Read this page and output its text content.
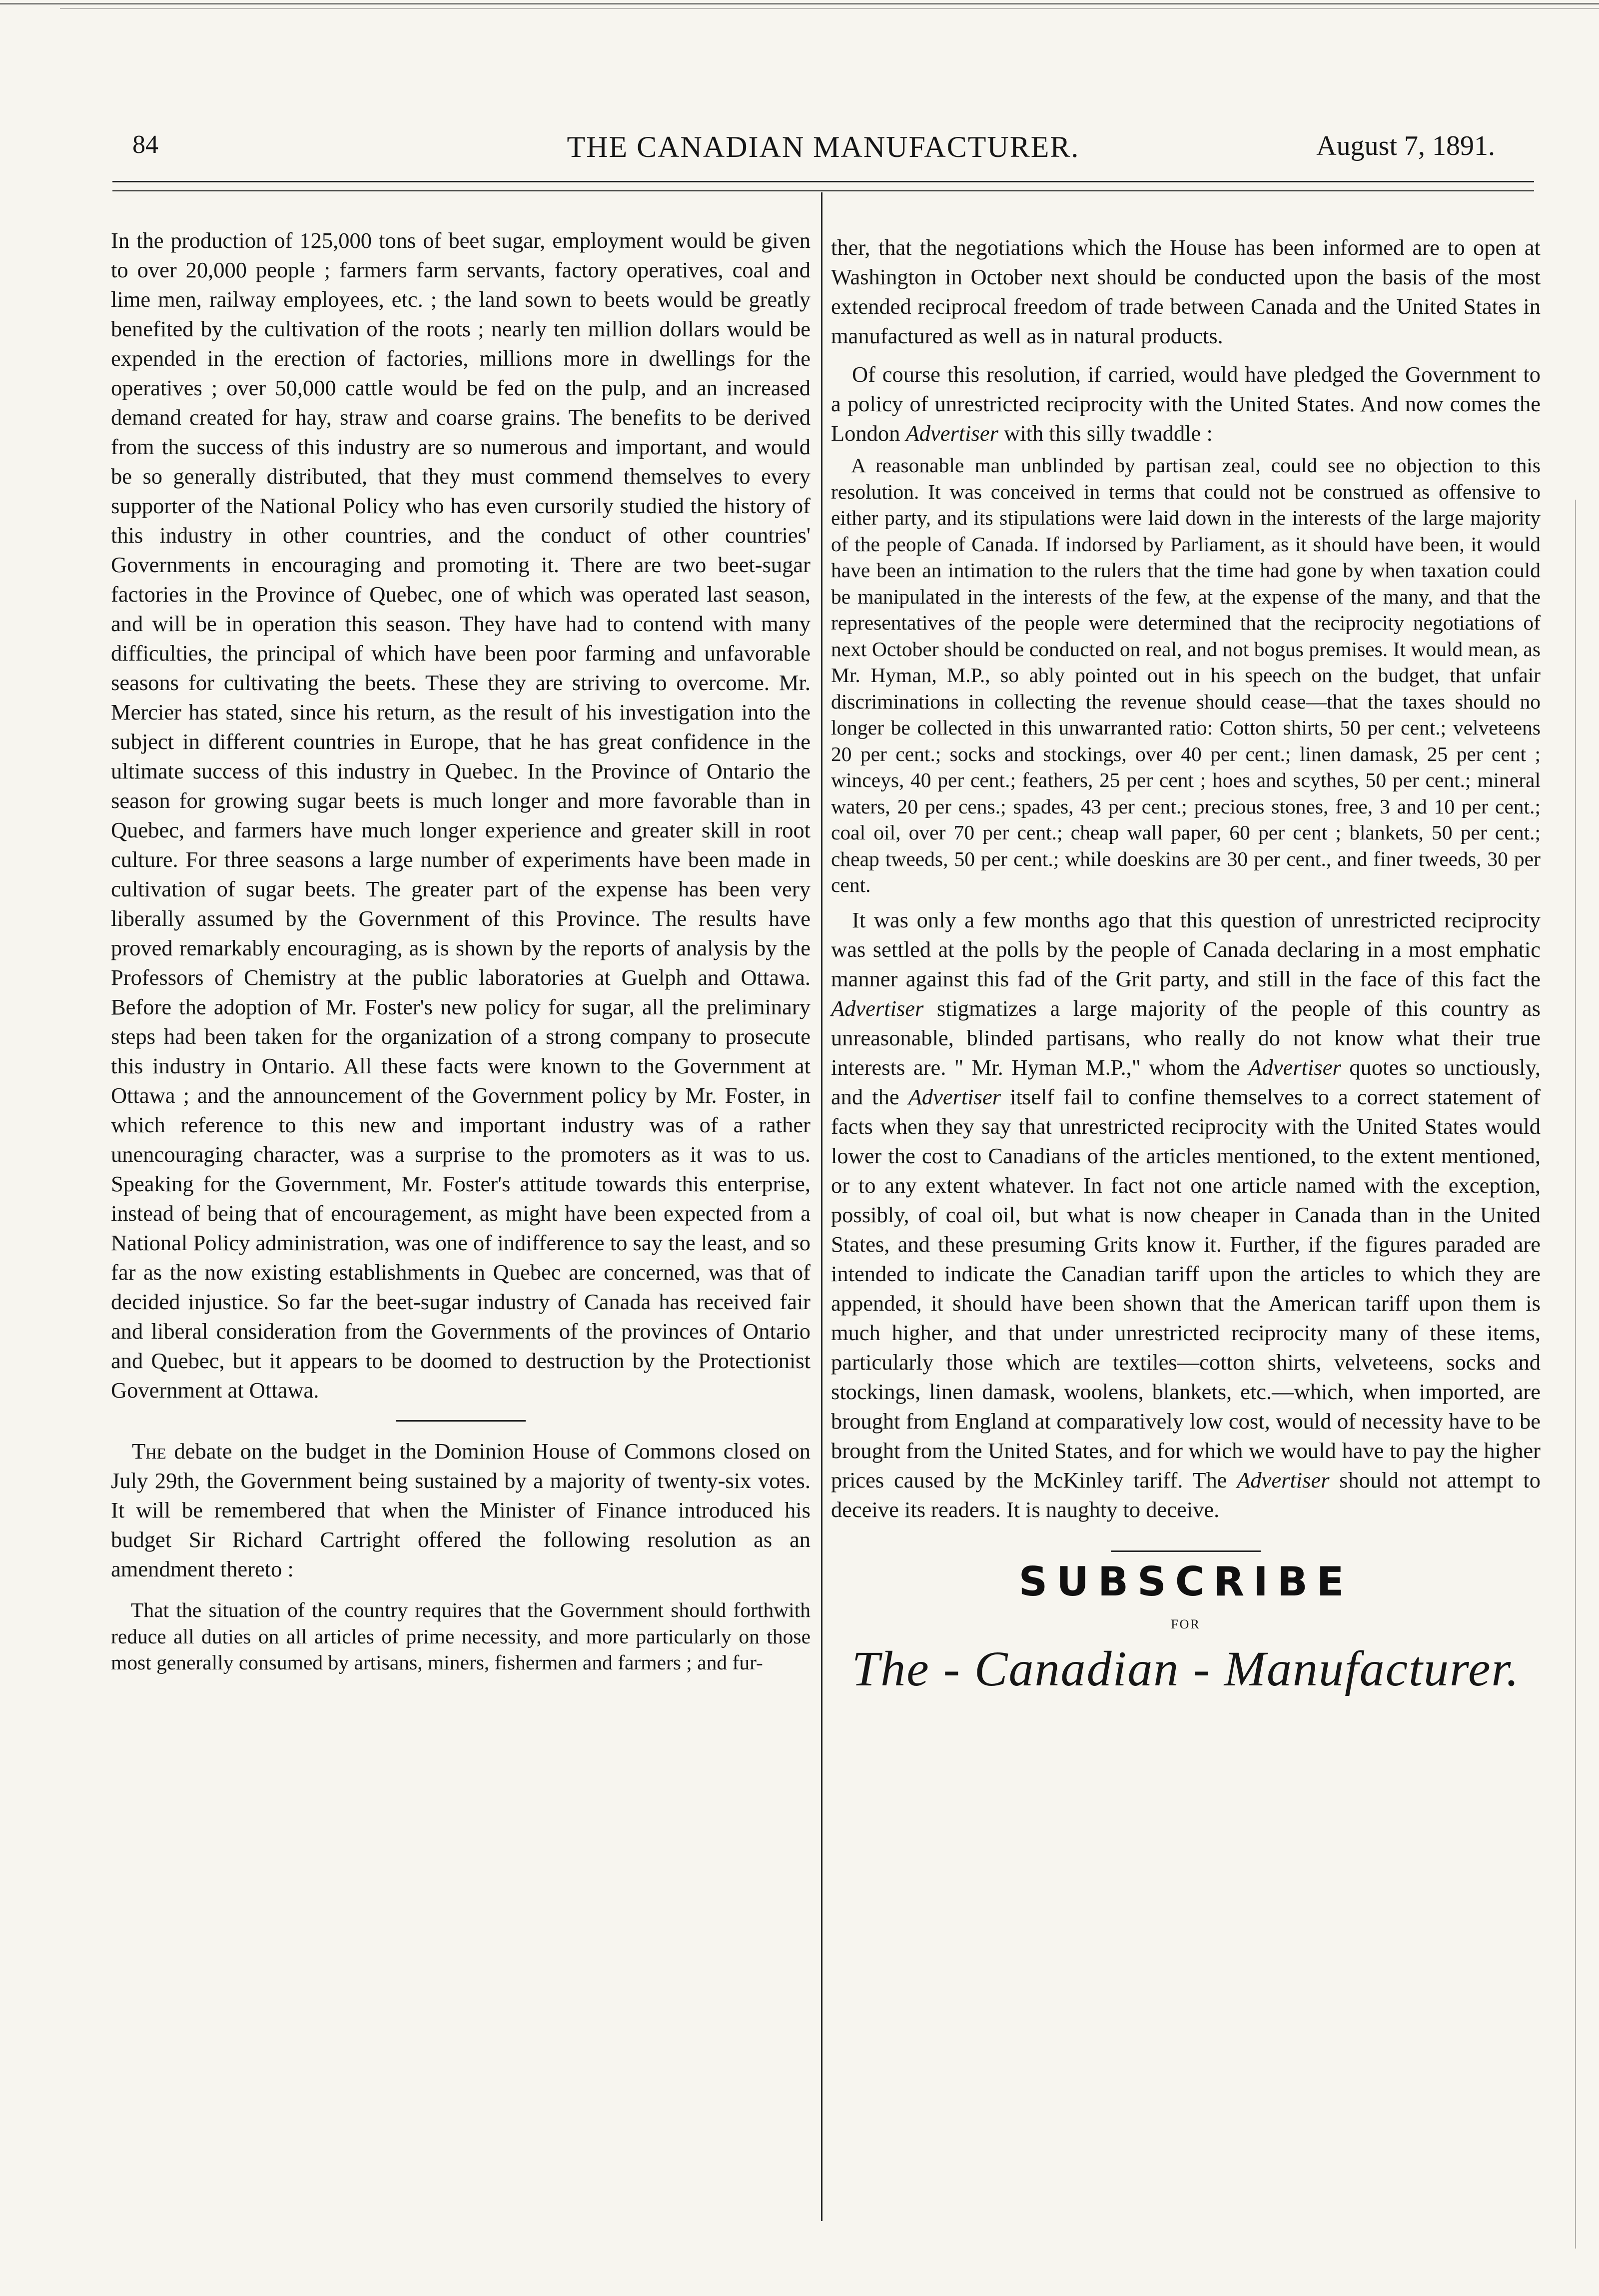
84	THE CANADIAN MANUFACTURER.	August 7, 1891.

In the production of 125,000 tons of beet sugar, employment would be given to over 20,000 people ; farmers farm servants, factory operatives, coal and lime men, railway employees, etc. ; the land sown to beets would be greatly benefited by the cultivation of the roots ; nearly ten million dollars would be expended in the erection of factories, millions more in dwellings for the operatives ; over 50,000 cattle would be fed on the pulp, and an increased demand created for hay, straw and coarse grains. The benefits to be derived from the success of this industry are so numerous and important, and would be so generally distributed, that they must commend themselves to every supporter of the National Policy who has even cursorily studied the history of this industry in other countries, and the conduct of other countries' Governments in encouraging and promoting it. There are two beet-sugar factories in the Province of Quebec, one of which was operated last season, and will be in operation this season. They have had to contend with many difficulties, the principal of which have been poor farming and unfavorable seasons for cultivating the beets. These they are striving to overcome. Mr. Mercier has stated, since his return, as the result of his investigation into the subject in different countries in Europe, that he has great confidence in the ultimate success of this industry in Quebec. In the Province of Ontario the season for growing sugar beets is much longer and more favorable than in Quebec, and farmers have much longer experience and greater skill in root culture. For three seasons a large number of experiments have been made in cultivation of sugar beets. The greater part of the expense has been very liberally assumed by the Government of this Province. The results have proved remarkably encouraging, as is shown by the reports of analysis by the Professors of Chemistry at the public laboratories at Guelph and Ottawa. Before the adoption of Mr. Foster's new policy for sugar, all the preliminary steps had been taken for the organization of a strong company to prosecute this industry in Ontario. All these facts were known to the Government at Ottawa ; and the announcement of the Government policy by Mr. Foster, in which reference to this new and important industry was of a rather unencouraging character, was a surprise to the promoters as it was to us. Speaking for the Government, Mr. Foster's attitude towards this enterprise, instead of being that of encouragement, as might have been expected from a National Policy administration, was one of indifference to say the least, and so far as the now existing establishments in Quebec are concerned, was that of decided injustice. So far the beet-sugar industry of Canada has received fair and liberal consideration from the Governments of the provinces of Ontario and Quebec, but it appears to be doomed to destruction by the Protectionist Government at Ottawa.

The debate on the budget in the Dominion House of Commons closed on July 29th, the Government being sustained by a majority of twenty-six votes. It will be remembered that when the Minister of Finance introduced his budget Sir Richard Cartright offered the following resolution as an amendment thereto :

That the situation of the country requires that the Government should forthwith reduce all duties on all articles of prime necessity, and more particularly on those most generally consumed by artisans, miners, fishermen and farmers ; and fur-

ther, that the negotiations which the House has been informed are to open at Washington in October next should be conducted upon the basis of the most extended reciprocal freedom of trade between Canada and the United States in manufactured as well as in natural products.

Of course this resolution, if carried, would have pledged the Government to a policy of unrestricted reciprocity with the United States. And now comes the London Advertiser with this silly twaddle :

A reasonable man unblinded by partisan zeal, could see no objection to this resolution. It was conceived in terms that could not be construed as offensive to either party, and its stipulations were laid down in the interests of the large majority of the people of Canada. If indorsed by Parliament, as it should have been, it would have been an intimation to the rulers that the time had gone by when taxation could be manipulated in the interests of the few, at the expense of the many, and that the representatives of the people were determined that the reciprocity negotiations of next October should be conducted on real, and not bogus premises. It would mean, as Mr. Hyman, M.P., so ably pointed out in his speech on the budget, that unfair discriminations in collecting the revenue should cease—that the taxes should no longer be collected in this unwarranted ratio: Cotton shirts, 50 per cent.; velveteens 20 per cent.; socks and stockings, over 40 per cent.; linen damask, 25 per cent ; winceys, 40 per cent.; feathers, 25 per cent ; hoes and scythes, 50 per cent.; mineral waters, 20 per cens.; spades, 43 per cent.; precious stones, free, 3 and 10 per cent.; coal oil, over 70 per cent.; cheap wall paper, 60 per cent ; blankets, 50 per cent.; cheap tweeds, 50 per cent.; while doeskins are 30 per cent., and finer tweeds, 30 per cent.

It was only a few months ago that this question of unrestricted reciprocity was settled at the polls by the people of Canada declaring in a most emphatic manner against this fad of the Grit party, and still in the face of this fact the Advertiser stigmatizes a large majority of the people of this country as unreasonable, blinded partisans, who really do not know what their true interests are. " Mr. Hyman M.P.," whom the Advertiser quotes so unctiously, and the Advertiser itself fail to confine themselves to a correct statement of facts when they say that unrestricted reciprocity with the United States would lower the cost to Canadians of the articles mentioned, to the extent mentioned, or to any extent whatever. In fact not one article named with the exception, possibly, of coal oil, but what is now cheaper in Canada than in the United States, and these presuming Grits know it. Further, if the figures paraded are intended to indicate the Canadian tariff upon the articles to which they are appended, it should have been shown that the American tariff upon them is much higher, and that under unrestricted reciprocity many of these items, particularly those which are textiles—cotton shirts, velveteens, socks and stockings, linen damask, woolens, blankets, etc.—which, when imported, are brought from England at comparatively low cost, would of necessity have to be brought from the United States, and for which we would have to pay the higher prices caused by the McKinley tariff. The Advertiser should not attempt to deceive its readers. It is naughty to deceive.

SUBSCRIBE
FOR
The - Canadian - Manufacturer.
